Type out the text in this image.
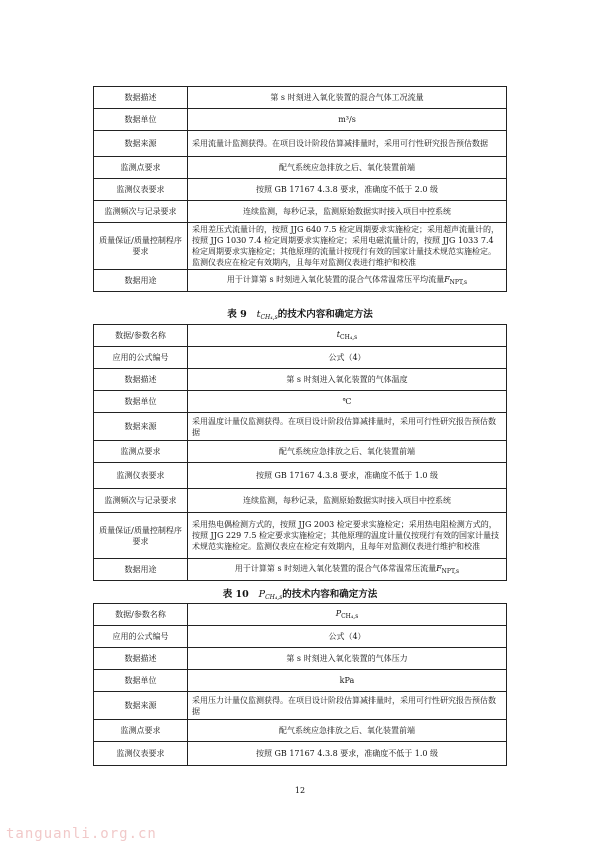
数据描述	第 s 时刻进入氧化装置的混合气体工况流量
数据单位	m³/s
数据来源	采用流量计监测获得。在项目设计阶段估算减排量时，采用可行性研究报告预估数据
监测点要求	配气系统应急排放之后、氧化装置前端
监测仪表要求	按照 GB 17167 4.3.8 要求，准确度不低于 2.0 级
监测频次与记录要求	连续监测，每秒记录，监测原始数据实时接入项目中控系统
质量保证/质量控制程序要求	采用差压式流量计的，按照 JJG 640 7.5 检定周期要求实施检定；采用超声流量计的，按照 JJG 1030 7.4 检定周期要求实施检定；采用电磁流量计的，按照 JJG 1033 7.4 检定周期要求实施检定；其他原理的流量计按现行有效的国家计量技术规范实施检定。监测仪表应在检定有效期内，且每年对监测仪表进行维护和校准
数据用途	用于计算第 s 时刻进入氧化装置的混合气体常温常压平均流量$F_{NPT,s}$
表 9 $t_{CH_4,s}$的技术内容和确定方法
数据/参数名称	$t_{CH_4,s}$
应用的公式编号	公式（4）
数据描述	第 s 时刻进入氧化装置的气体温度
数据单位	℃
数据来源	采用温度计量仪监测获得。在项目设计阶段估算减排量时，采用可行性研究报告预估数据
监测点要求	配气系统应急排放之后、氧化装置前端
监测仪表要求	按照 GB 17167 4.3.8 要求，准确度不低于 1.0 级
监测频次与记录要求	连续监测，每秒记录，监测原始数据实时接入项目中控系统
质量保证/质量控制程序要求	采用热电偶检测方式的，按照 JJG 2003 检定要求实施检定；采用热电阻检测方式的，按照 JJG 229 7.5 检定要求实施检定；其他原理的温度计量仪按现行有效的国家计量技术规范实施检定。监测仪表应在检定有效期内，且每年对监测仪表进行维护和校准
数据用途	用于计算第 s 时刻进入氧化装置的混合气体常温常压流量$F_{NPT,s}$
表 10 $P_{CH_4,s}$的技术内容和确定方法
数据/参数名称	$P_{CH_4,s}$
应用的公式编号	公式（4）
数据描述	第 s 时刻进入氧化装置的气体压力
数据单位	kPa
数据来源	采用压力计量仪监测获得。在项目设计阶段估算减排量时，采用可行性研究报告预估数据
监测点要求	配气系统应急排放之后、氧化装置前端
监测仪表要求	按照 GB 17167 4.3.8 要求，准确度不低于 1.0 级
12
tanguanli.org.cn
